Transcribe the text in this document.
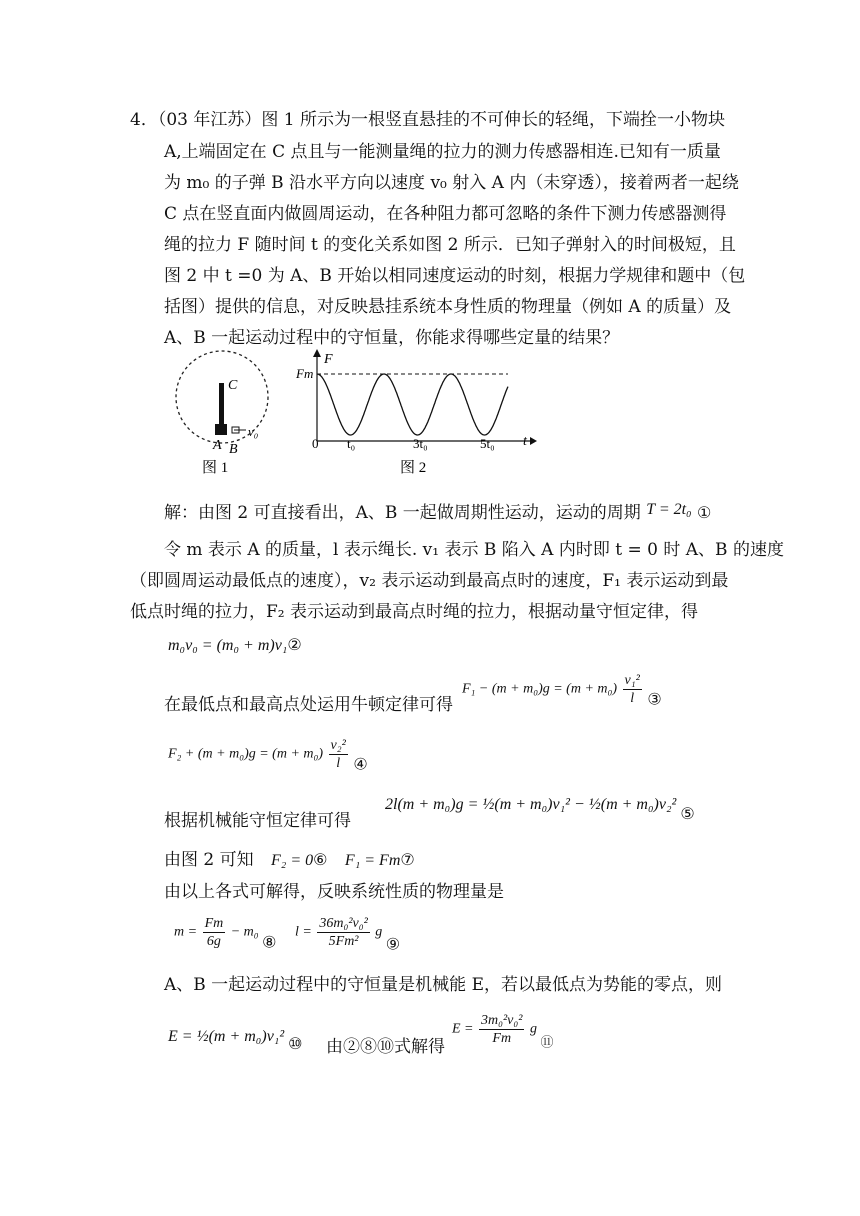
4．（03 年江苏）图 1 所示为一根竖直悬挂的不可伸长的轻绳，下端拴一小物块
A,上端固定在 C 点且与一能测量绳的拉力的测力传感器相连.已知有一质量
为 m₀ 的子弹 B 沿水平方向以速度 v₀ 射入 A 内（未穿透），接着两者一起绕
C 点在竖直面内做圆周运动，在各种阻力都可忽略的条件下测力传感器测得
绳的拉力 F 随时间 t 的变化关系如图 2 所示．已知子弹射入的时间极短，且
图 2 中 t =0 为 A、B 开始以相同速度运动的时刻，根据力学规律和题中（包
括图）提供的信息，对反映悬挂系统本身性质的物理量（例如 A 的质量）及
A、B 一起运动过程中的守恒量，你能求得哪些定量的结果？
C
v₀
A B
图 1
F
Fm
t
0 t₀	3t₀	5t₀
图 2
解：由图 2 可直接看出，A、B 一起做周期性运动，运动的周期 T = 2t₀ ①
令 m 表示 A 的质量，l 表示绳长. v₁ 表示 B 陷入 A 内时即 t = 0 时 A、B 的速度
（即圆周运动最低点的速度），v₂ 表示运动到最高点时的速度，F₁ 表示运动到最
低点时绳的拉力，F₂ 表示运动到最高点时绳的拉力，根据动量守恒定律，得
m₀v₀ = (m₀ + m)v₁②
在最低点和最高点处运用牛顿定律可得
$F_1 - (m + m_0)g = (m + m_0) \frac{\text{v₁²}}{l}$ ③
$F_2 + (m + m_0)g = (m + m_0) \frac{\text{v₂²}}{l}$ ④
根据机械能守恒定律可得
2l(m + m₀)g = ½(m + m₀)v₁² − ½(m + m₀)v₂² ⑤
由图 2 可知 F₂ = 0⑥ F₁ = Fm⑦
由以上各式可解得，反映系统性质的物理量是
$m = \frac{Fm}{6g} - m_0$ ⑧
$l = \frac{\text{36m₀²v₀²}}{\text{5Fm²}}$ g ⑨
A、B 一起运动过程中的守恒量是机械能 E，若以最低点为势能的零点，则
E = ½(m + m₀)v₁² ⑩ 由②⑧⑩式解得
$E = \frac{\text{3m₀²v₀²}}{Fm}$ g ⑪
